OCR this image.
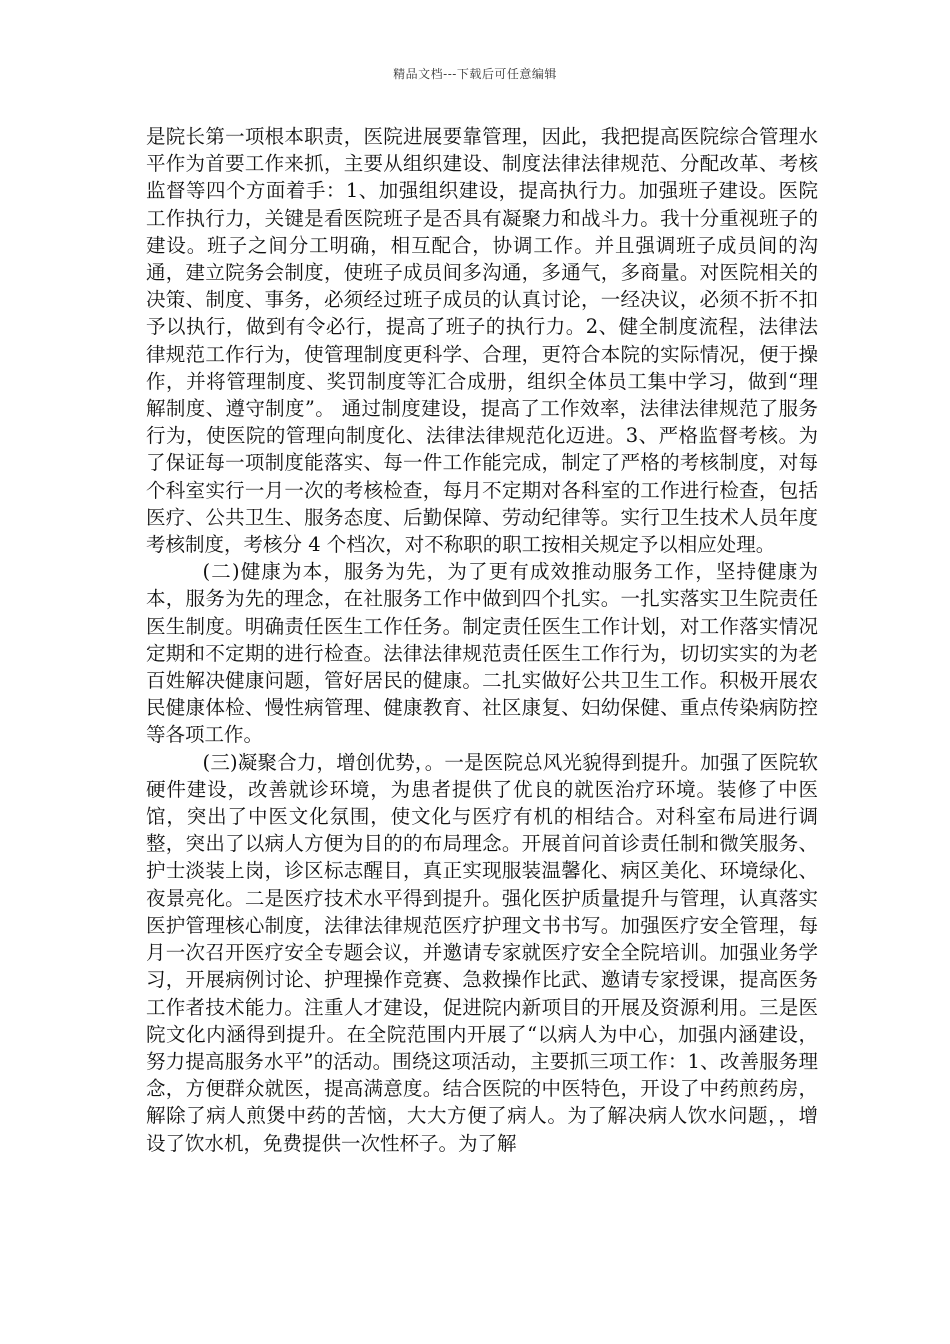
精品文档---下载后可任意编辑

是院长第一项根本职责，医院进展要靠管理，因此，我把提高医院综合管理水平作为首要工作来抓，主要从组织建设、制度法律法律规范、分配改革、考核监督等四个方面着手：1、加强组织建设，提高执行力。加强班子建设。医院工作执行力，关键是看医院班子是否具有凝聚力和战斗力。我十分重视班子的建设。班子之间分工明确，相互配合，协调工作。并且强调班子成员间的沟通，建立院务会制度，使班子成员间多沟通，多通气，多商量。对医院相关的决策、制度、事务，必须经过班子成员的认真讨论，一经决议，必须不折不扣予以执行，做到有令必行，提高了班子的执行力。2、健全制度流程，法律法律规范工作行为，使管理制度更科学、合理，更符合本院的实际情况，便于操作，并将管理制度、奖罚制度等汇合成册，组织全体员工集中学习，做到“理解制度、遵守制度”。 通过制度建设，提高了工作效率，法律法律规范了服务行为，使医院的管理向制度化、法律法律规范化迈进。3、严格监督考核。为了保证每一项制度能落实、每一件工作能完成，制定了严格的考核制度，对每个科室实行一月一次的考核检查，每月不定期对各科室的工作进行检查，包括医疗、公共卫生、服务态度、后勤保障、劳动纪律等。实行卫生技术人员年度考核制度，考核分 4 个档次，对不称职的职工按相关规定予以相应处理。

(二)健康为本，服务为先，为了更有成效推动服务工作，坚持健康为本，服务为先的理念，在社服务工作中做到四个扎实。一扎实落实卫生院责任医生制度。明确责任医生工作任务。制定责任医生工作计划，对工作落实情况定期和不定期的进行检查。法律法律规范责任医生工作行为，切切实实的为老百姓解决健康问题，管好居民的健康。二扎实做好公共卫生工作。积极开展农民健康体检、慢性病管理、健康教育、社区康复、妇幼保健、重点传染病防控等各项工作。

(三)凝聚合力，增创优势，。一是医院总风光貌得到提升。加强了医院软硬件建设，改善就诊环境，为患者提供了优良的就医治疗环境。装修了中医馆，突出了中医文化氛围，使文化与医疗有机的相结合。对科室布局进行调整，突出了以病人方便为目的的布局理念。开展首问首诊责任制和微笑服务、护士淡装上岗，诊区标志醒目，真正实现服装温馨化、病区美化、环境绿化、夜景亮化。二是医疗技术水平得到提升。强化医护质量提升与管理，认真落实医护管理核心制度，法律法律规范医疗护理文书书写。加强医疗安全管理，每月一次召开医疗安全专题会议，并邀请专家就医疗安全全院培训。加强业务学习，开展病例讨论、护理操作竞赛、急救操作比武、邀请专家授课，提高医务工作者技术能力。注重人才建设，促进院内新项目的开展及资源利用。三是医院文化内涵得到提升。在全院范围内开展了“以病人为中心，加强内涵建设，努力提高服务水平”的活动。围绕这项活动，主要抓三项工作：1、改善服务理念，方便群众就医，提高满意度。结合医院的中医特色，开设了中药煎药房，解除了病人煎煲中药的苦恼，大大方便了病人。为了解决病人饮水问题，，增设了饮水机，免费提供一次性杯子。为了解
